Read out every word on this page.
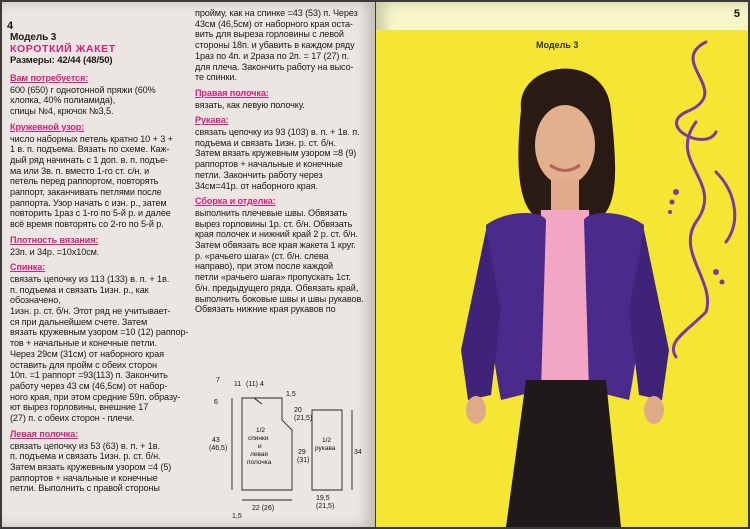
4
Модель 3
КОРОТКИЙ ЖАКЕТ
Размеры: 42/44 (48/50)
Вам потребуется:
600 (650) г однотонной пряжи (60%
хлопка, 40% полиамида),
спицы №4, крючок №3,5.
Кружевной узор:
число наборных петель кратно 10 + 3 +
1 в. п. подъема. Вязать по схеме. Каж-
дый ряд начинать с 1 доп. в. п. подъе-
ма или 3в. п. вместо 1-го ст. с/н. и
петель перед раппортом, повторять
раппорт, заканчивать петлями после
раппорта. Узор начать с изн. р., затем
повторить 1раз с 1-го по 5-й р. и далее
всё время повторять со 2-го по 5-й р.
Плотность вязания:
23п. и 34р. =10х10см.
Спинка:
связать цепочку из 113 (133) в. п. + 1в.
п. подъема и связать 1изн. р., как обозначено,
1изн. р. ст. б/н. Этот ряд не учитывает-
ся при дальнейшем счете. Затем
вязать кружевным узором =10 (12) раппор-
тов + начальные и конечные петли.
Через 29см (31см) от наборного края
оставить для пройм с обеих сторон
10п. =1 раппорт =93(113) п. Закончить
работу через 43 см (46,5см) от набор-
ного края, при этом средние 59п. образу-
ют вырез горловины, внешние 17
(27) п. с обеих сторон - плечи.
Левая полочка:
связать цепочку из 53 (63) в. п. + 1в.
п. подъема и связать 1изн. р. ст. б/н.
Затем вязать кружевным узором =4 (5)
раппортов + начальные и конечные
петли. Выполнить с правой стороны
пройму, как на спинке =43 (53) п. Через
43см (46,5см) от наборного края оста-
вить для выреза горловины с левой
стороны 18п. и убавить в каждом ряду
1раз по 4п. и 2раза по 2п. = 17 (27) п.
для плеча. Закончить работу на высо-
те спинки.
Правая полочка:
вязать, как левую полочку.
Рукава:
связать цепочку из 93 (103) в. п. + 1в. п.
подъема и связать 1изн. р. ст. б/н.
Затем вязать кружевным узором =8 (9)
раппортов + начальные и конечные
петли. Закончить работу через
34см=41р. от наборного края.
Сборка и отделка:
выполнить плечевые швы. Обвязать
вырез горловины 1р. ст. б/н. Обвязать
края полочек и нижний край 2 р. ст. б/н.
Затем обвязать все края жакета 1 круг.
р. «рачьего шага» (ст. б/н. слева
направо), при этом после каждой
петли «рачьего шага» пропускать 1ст.
б/н. предыдущего ряда. Обвязать край,
выполнить боковые швы и швы рукавов.
Обвязать нижние края рукавов по
7
11 (11) 4
1,5
6
20
(21,5)
43
(46,5)
29
(31)
1/2 спинки и левая полочка
22 (26)
1,5
1/2 рукава
34
19,5
(21,5)
5
Модель 3
